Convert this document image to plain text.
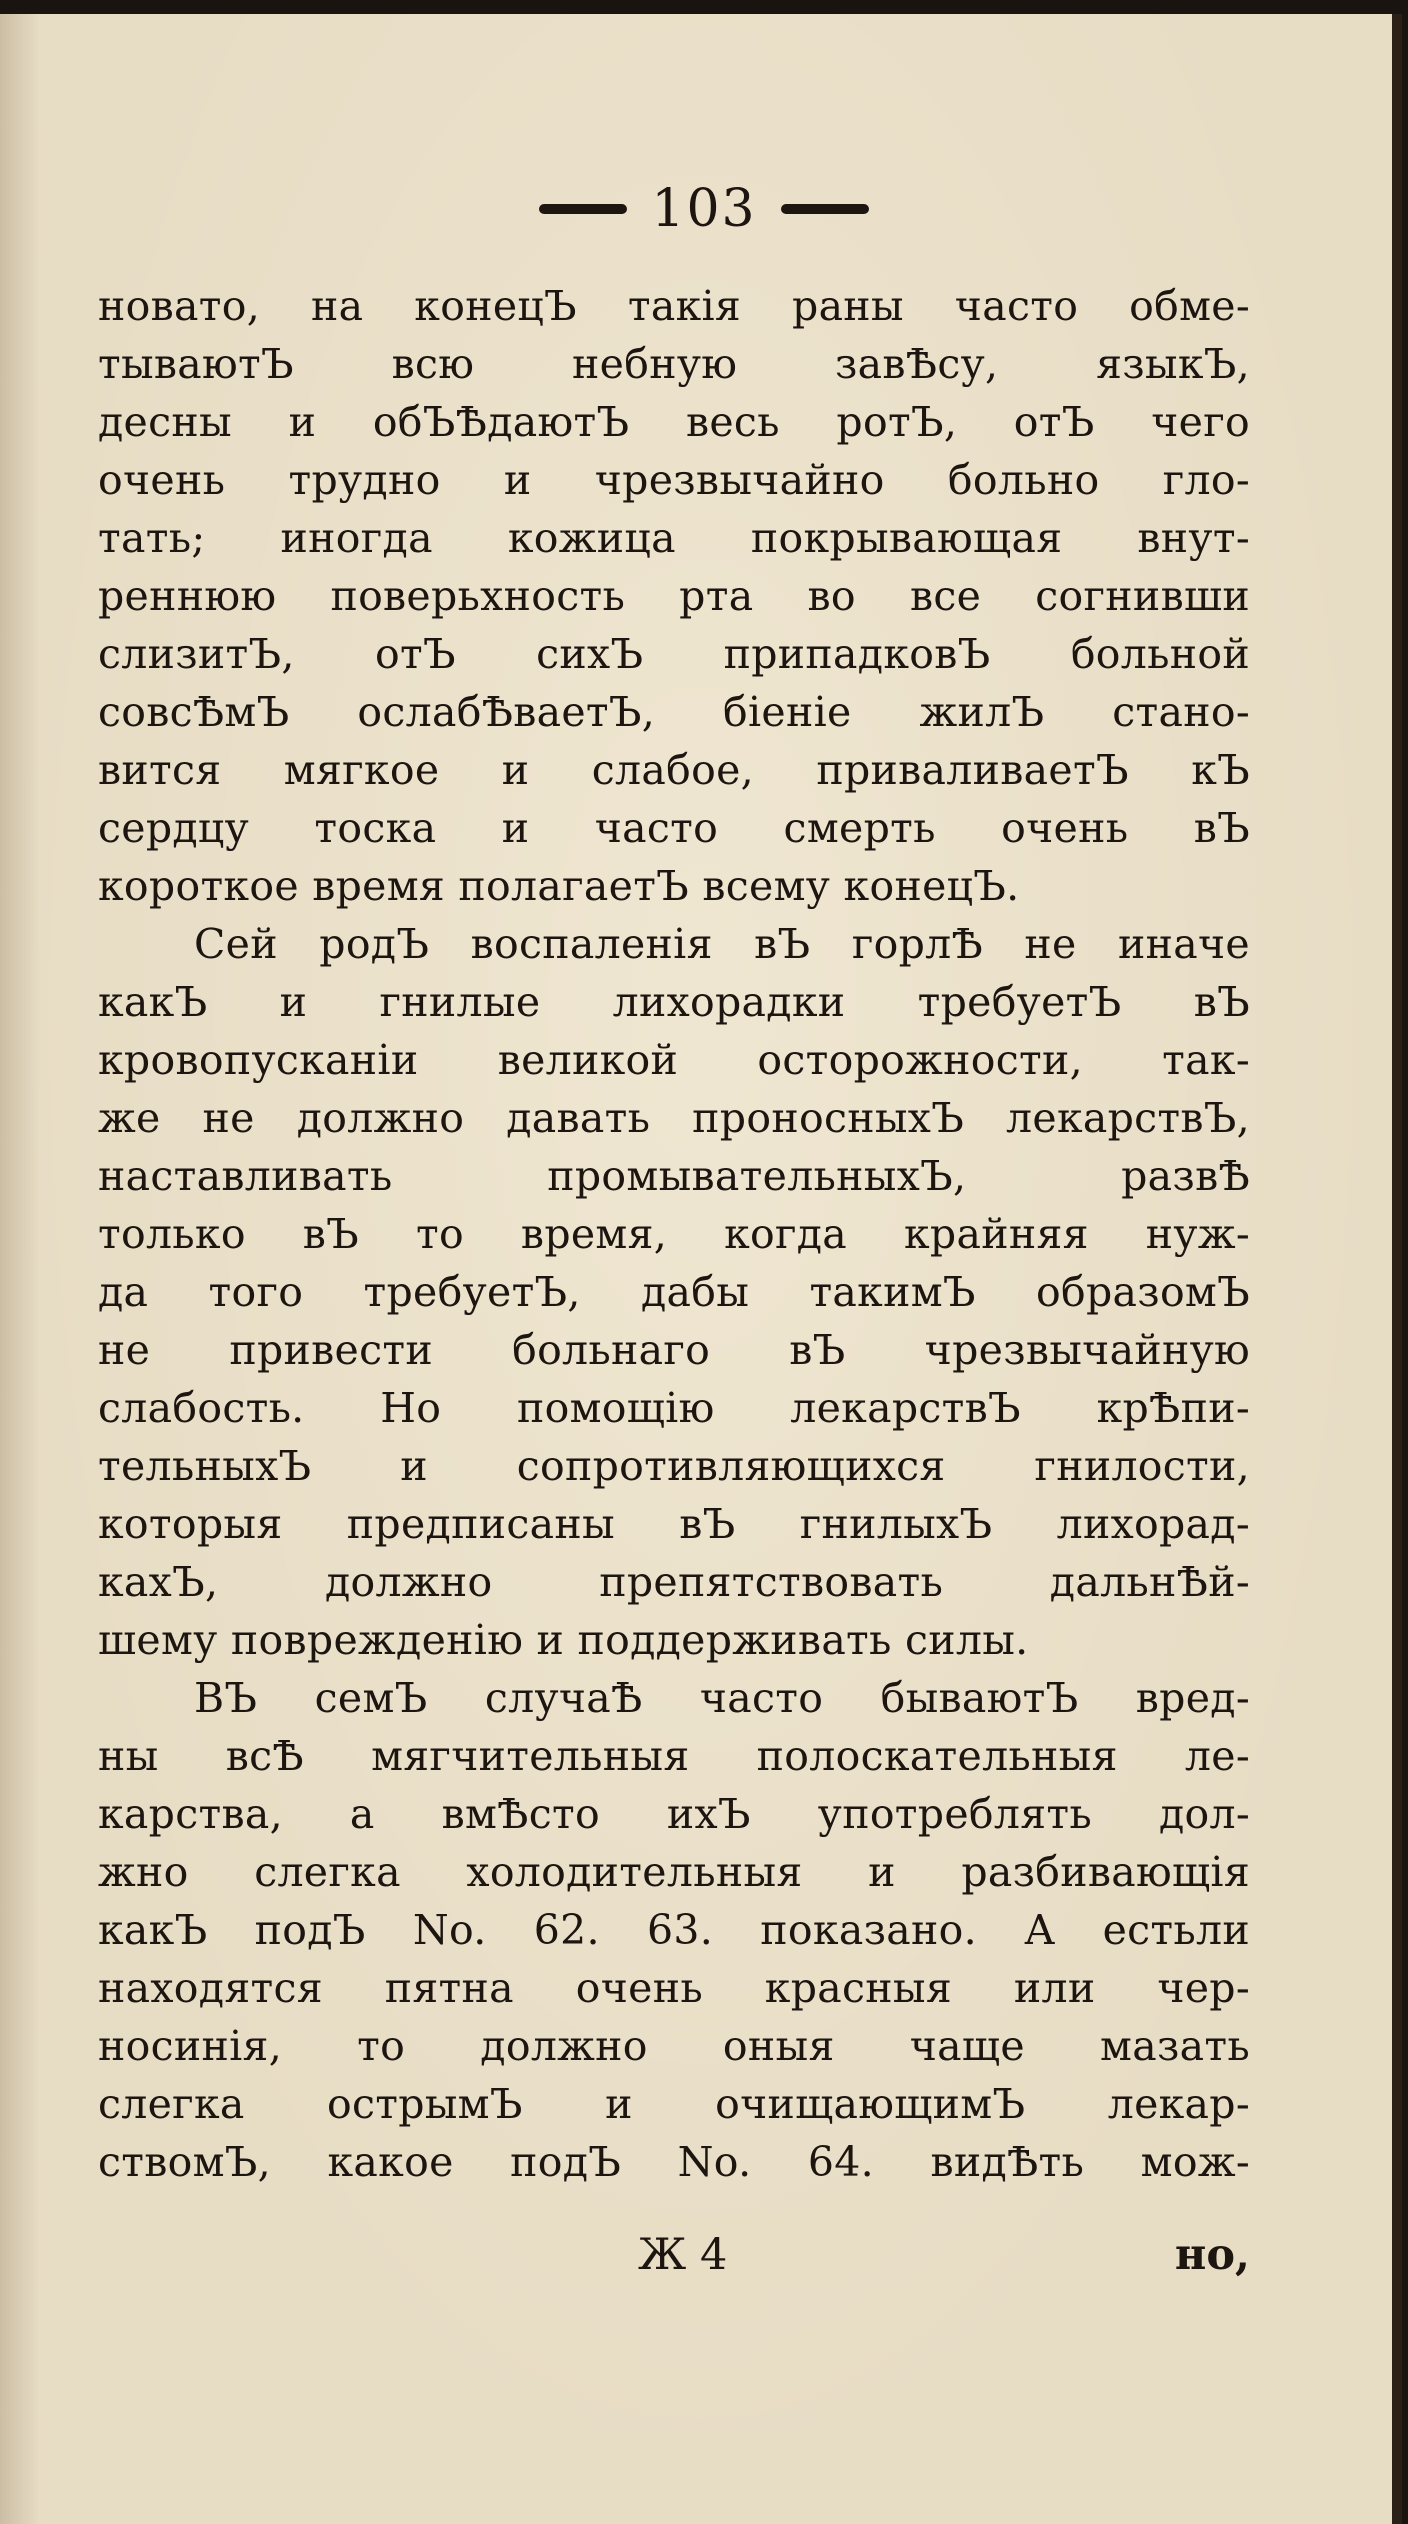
103
новато, на конецЪ такія раны часто обме-
тываютЪ всю небную завѢсу, языкЪ,
десны и обЪѢдаютЪ весь ротЪ, отЪ чего
очень трудно и чрезвычайно больно гло-
тать; иногда кожица покрывающая внут-
реннюю поверьхность рта во все согнивши
слизитЪ, отЪ сихЪ припадковЪ больной
совсѢмЪ ослабѢваетЪ, біеніе жилЪ стано-
вится мягкое и слабое, приваливаетЪ кЪ
сердцу тоска и часто смерть очень вЪ
короткое время полагаетЪ всему конецЪ.
Сей родЪ воспаленія вЪ горлѢ не иначе
какЪ и гнилые лихорадки требуетЪ вЪ
кровопусканіи великой осторожности, так-
же не должно давать проносныхЪ лекарствЪ,
наставливать промывательныхЪ, развѢ
только вЪ то время, когда крайняя нуж-
да того требуетЪ, дабы такимЪ образомЪ
не привести больнаго вЪ чрезвычайную
слабость. Но помощію лекарствЪ крѢпи-
тельныхЪ и сопротивляющихся гнилости,
которыя предписаны вЪ гнилыхЪ лихорад-
кахЪ, должно препятствовать дальнѢй-
шему поврежденію и поддерживать силы.
ВЪ семЪ случаѢ часто бываютЪ вред-
ны всѢ мягчительныя полоскательныя ле-
карства, а вмѢсто ихЪ употреблять дол-
жно слегка холодительныя и разбивающія
какЪ подЪ No. 62. 63. показано. А естьли
находятся пятна очень красныя или чер-
носинія, то должно оныя чаще мазать
слегка острымЪ и очищающимЪ лекар-
ствомЪ, какое подЪ No. 64. видѢть мож-
Ж 4	но,
